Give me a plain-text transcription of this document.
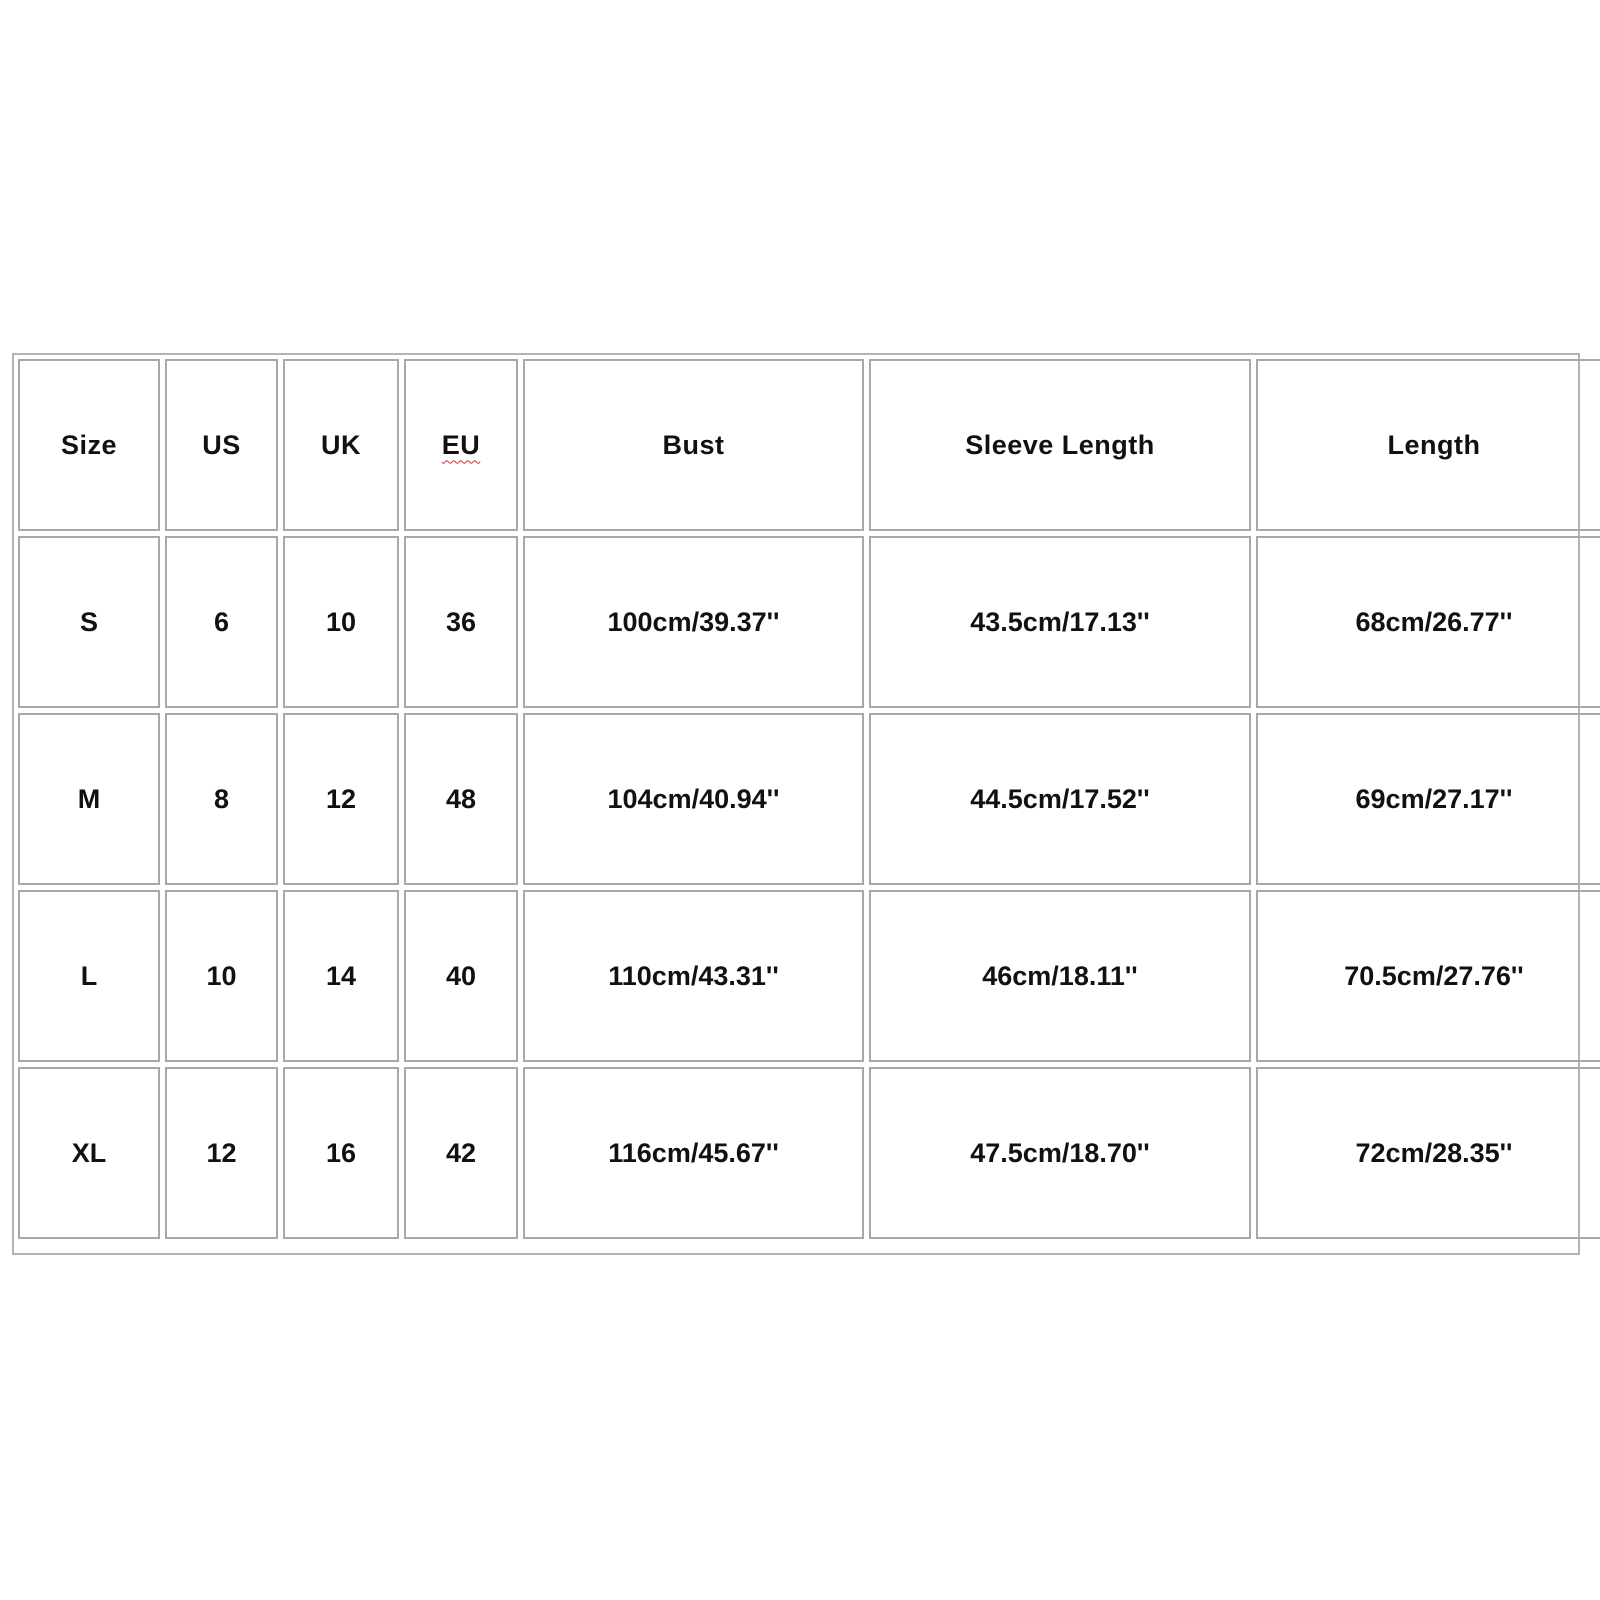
Size	US	UK	EU	Bust	Sleeve Length	Length
S	6	10	36	100cm/39.37''	43.5cm/17.13''	68cm/26.77''
M	8	12	48	104cm/40.94''	44.5cm/17.52''	69cm/27.17''
L	10	14	40	110cm/43.31''	46cm/18.11''	70.5cm/27.76''
XL	12	16	42	116cm/45.67''	47.5cm/18.70''	72cm/28.35''
